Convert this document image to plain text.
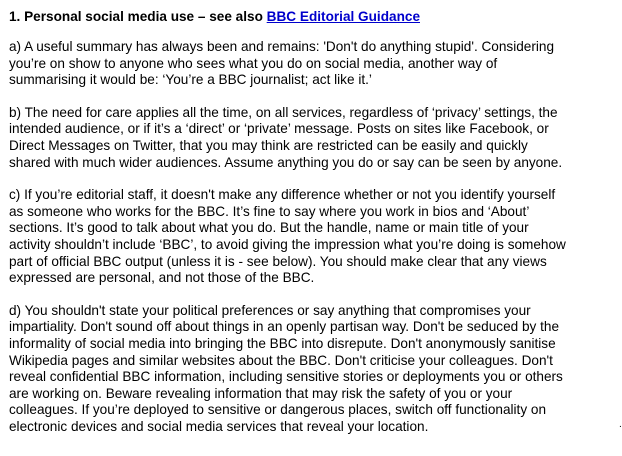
1. Personal social media use – see also BBC Editorial Guidance
a) A useful summary has always been and remains: 'Don't do anything stupid'. Considering
you’re on show to anyone who sees what you do on social media, another way of
summarising it would be: ‘You’re a BBC journalist; act like it.’
b) The need for care applies all the time, on all services, regardless of ‘privacy’ settings, the
intended audience, or if it’s a ‘direct’ or ‘private’ message. Posts on sites like Facebook, or
Direct Messages on Twitter, that you may think are restricted can be easily and quickly
shared with much wider audiences. Assume anything you do or say can be seen by anyone.
c) If you’re editorial staff, it doesn't make any difference whether or not you identify yourself
as someone who works for the BBC. It’s fine to say where you work in bios and ‘About’
sections. It’s good to talk about what you do. But the handle, name or main title of your
activity shouldn’t include ‘BBC’, to avoid giving the impression what you’re doing is somehow
part of official BBC output (unless it is - see below). You should make clear that any views
expressed are personal, and not those of the BBC.
d) You shouldn't state your political preferences or say anything that compromises your
impartiality. Don't sound off about things in an openly partisan way. Don't be seduced by the
informality of social media into bringing the BBC into disrepute. Don't anonymously sanitise
Wikipedia pages and similar websites about the BBC. Don't criticise your colleagues. Don't
reveal confidential BBC information, including sensitive stories or deployments you or others
are working on. Beware revealing information that may risk the safety of you or your
colleagues. If you’re deployed to sensitive or dangerous places, switch off functionality on
electronic devices and social media services that reveal your location.	.
